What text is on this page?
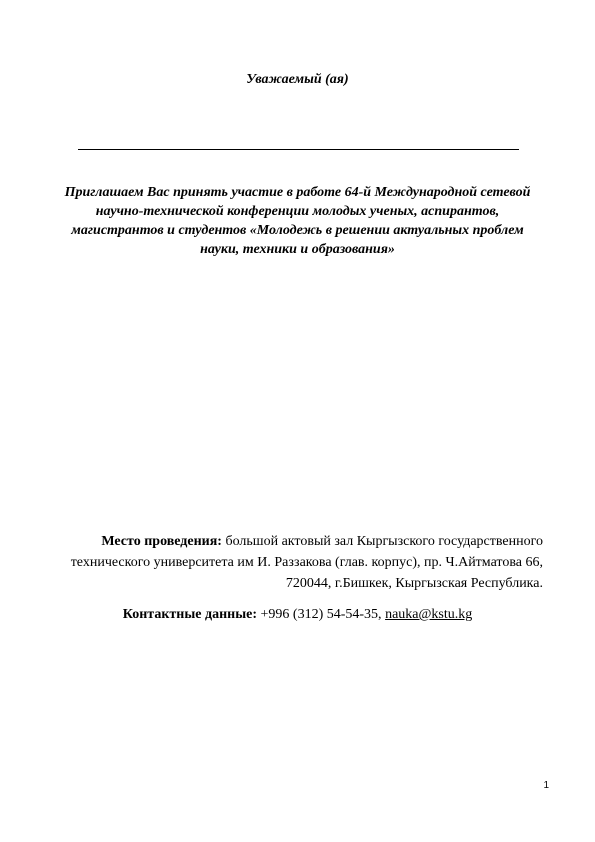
Уважаемый (ая)
Приглашаем Вас принять участие в работе 64-й Международной сетевой
научно-технической конференции молодых ученых, аспирантов,
магистрантов и студентов «Молодежь в решении актуальных проблем
науки, техники и образования»
Место проведения: большой актовый зал Кыргызского государственного
технического университета им И. Раззакова (глав. корпус), пр. Ч.Айтматова 66,
720044, г.Бишкек, Кыргызская Республика.
Контактные данные: +996 (312) 54-54-35, nauka@kstu.kg
1
